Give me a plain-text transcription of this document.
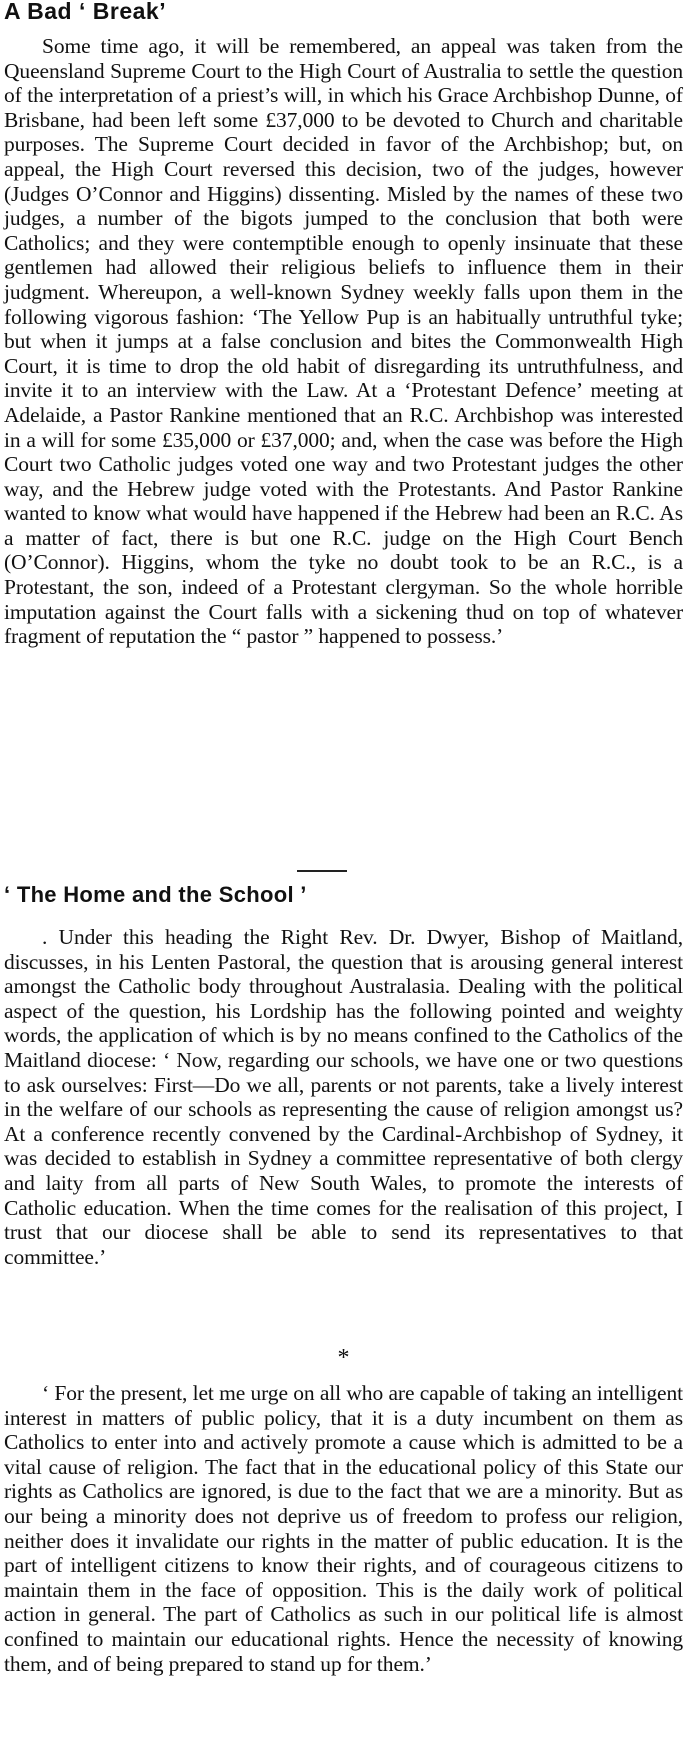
A Bad ‘ Break’

Some time ago, it will be remembered, an appeal was taken from the Queensland Supreme Court to the High Court of Australia to settle the question of the interpretation of a priest’s will, in which his Grace Archbishop Dunne, of Brisbane, had been left some £37,000 to be devoted to Church and charitable purposes. The Supreme Court decided in favor of the Archbishop; but, on appeal, the High Court reversed this decision, two of the judges, however (Judges O’Connor and Higgins) dissenting. Misled by the names of these two judges, a number of the bigots jumped to the conclusion that both were Catholics; and they were contemptible enough to openly insinuate that these gentlemen had allowed their religious beliefs to influence them in their judgment. Whereupon, a well-known Sydney weekly falls upon them in the following vigorous fashion: ‘The Yellow Pup is an habitually untruthful tyke; but when it jumps at a false conclusion and bites the Commonwealth High Court, it is time to drop the old habit of disregarding its untruthfulness, and invite it to an interview with the Law. At a ‘Protestant Defence’ meeting at Adelaide, a Pastor Rankine mentioned that an R.C. Archbishop was interested in a will for some £35,000 or £37,000; and, when the case was before the High Court two Catholic judges voted one way and two Protestant judges the other way, and the Hebrew judge voted with the Protestants. And Pastor Rankine wanted to know what would have happened if the Hebrew had been an R.C. As a matter of fact, there is but one R.C. judge on the High Court Bench (O’Connor). Higgins, whom the tyke no doubt took to be an R.C., is a Protestant, the son, indeed of a Protestant clergyman. So the whole horrible imputation against the Court falls with a sickening thud on top of whatever fragment of reputation the “ pastor ” happened to possess.’

‘ The Home and the School ’

. Under this heading the Right Rev. Dr. Dwyer, Bishop of Maitland, discusses, in his Lenten Pastoral, the question that is arousing general interest amongst the Catholic body throughout Australasia. Dealing with the political aspect of the question, his Lordship has the following pointed and weighty words, the application of which is by no means confined to the Catholics of the Maitland diocese: ‘ Now, regarding our schools, we have one or two questions to ask ourselves: First—Do we all, parents or not parents, take a lively interest in the welfare of our schools as representing the cause of religion amongst us? At a conference recently convened by the Cardinal-Archbishop of Sydney, it was decided to establish in Sydney a committee representative of both clergy and laity from all parts of New South Wales, to promote the interests of Catholic education. When the time comes for the realisation of this project, I trust that our diocese shall be able to send its representatives to that committee.’

*

‘ For the present, let me urge on all who are capable of taking an intelligent interest in matters of public policy, that it is a duty incumbent on them as Catholics to enter into and actively promote a cause which is admitted to be a vital cause of religion. The fact that in the educational policy of this State our rights as Catholics are ignored, is due to the fact that we are a minority. But as our being a minority does not deprive us of freedom to profess our religion, neither does it invalidate our rights in the matter of public education. It is the part of intelligent citizens to know their rights, and of courageous citizens to maintain them in the face of opposition. This is the daily work of political action in general. The part of Catholics as such in our political life is almost confined to maintain our educational rights. Hence the necessity of knowing them, and of being prepared to stand up for them.’
